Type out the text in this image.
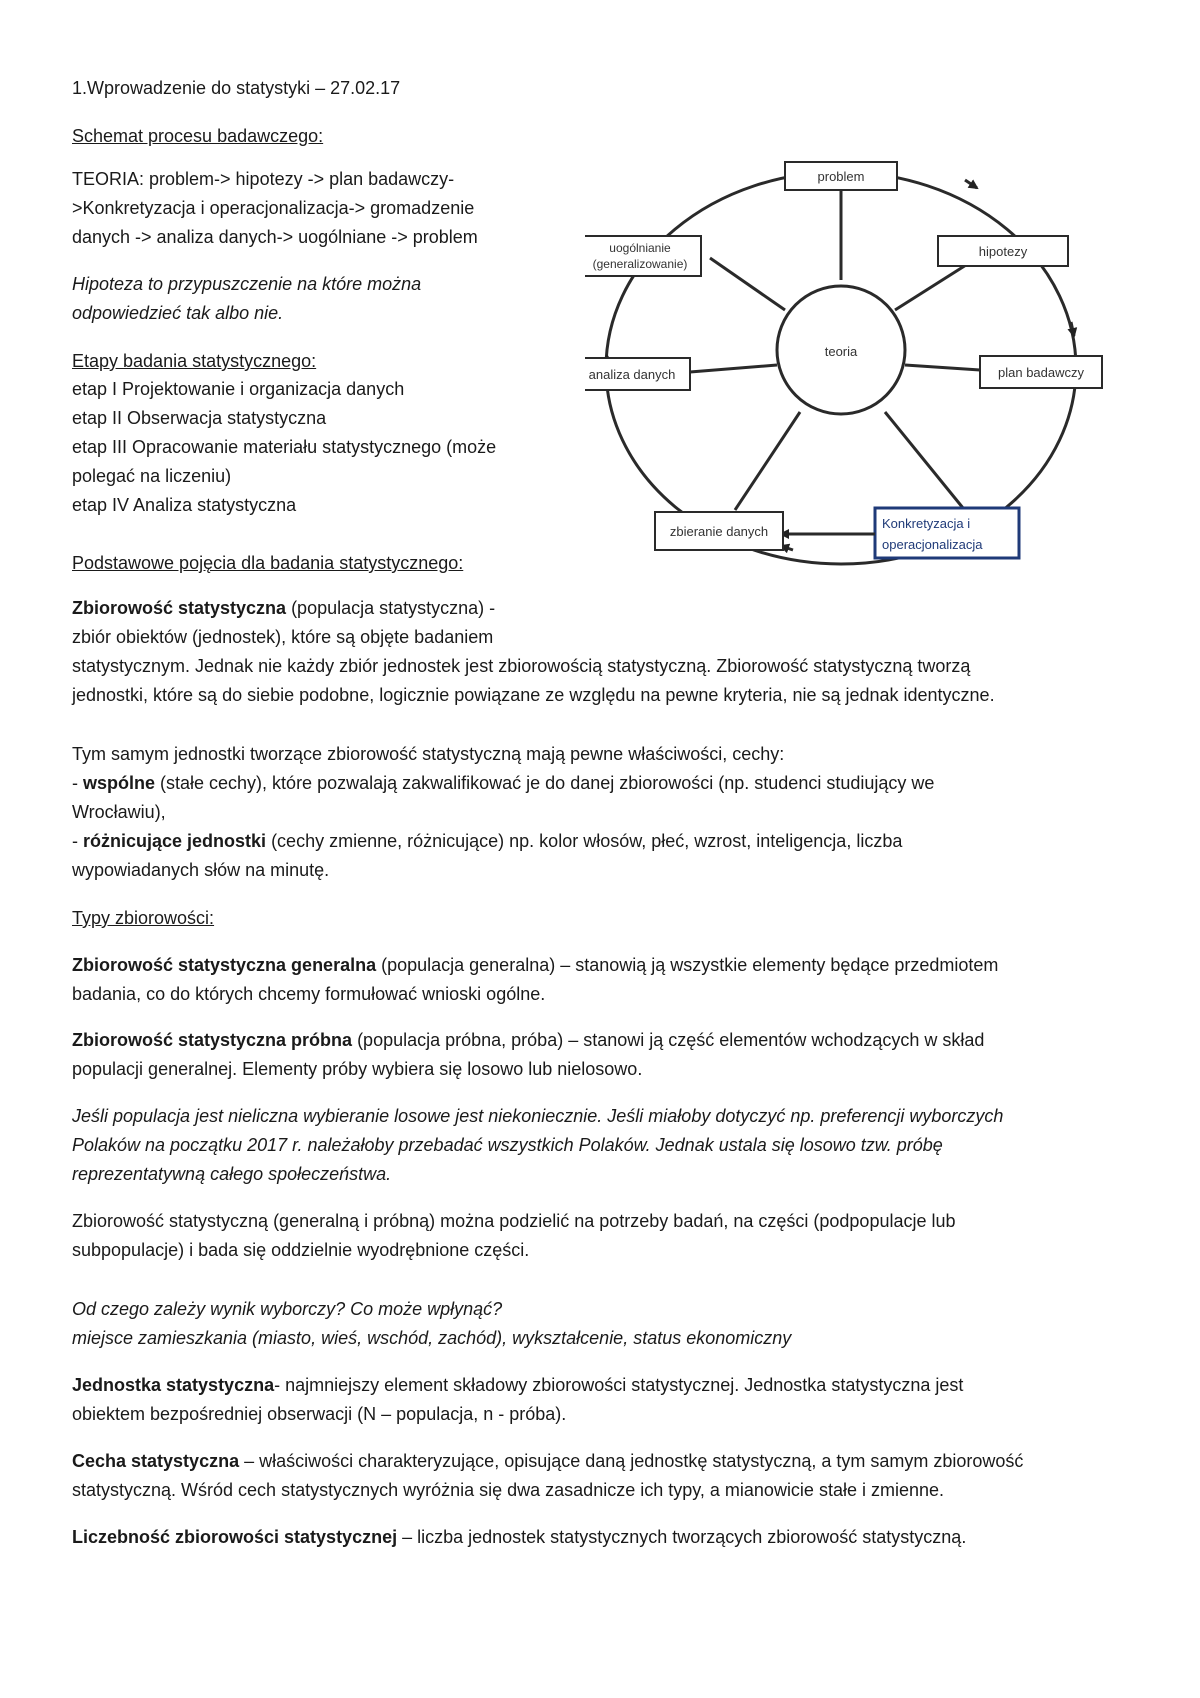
1.Wprowadzenie do statystyki – 27.02.17
Schemat procesu badawczego:
TEORIA: problem-> hipotezy -> plan badawczy-
>Konkretyzacja i operacjonalizacja-> gromadzenie
danych -> analiza danych-> uogólniane -> problem
Hipoteza to przypuszczenie na które można
odpowiedzieć tak albo nie.
Etapy badania statystycznego:
etap I Projektowanie i organizacja danych
etap II Obserwacja statystyczna
etap III Opracowanie materiału statystycznego (może
polegać na liczeniu)
etap IV Analiza statystyczna
Podstawowe pojęcia dla badania statystycznego:
Zbiorowość statystyczna (populacja statystyczna) -
zbiór obiektów (jednostek), które są objęte badaniem
statystycznym. Jednak nie każdy zbiór jednostek jest zbiorowością statystyczną. Zbiorowość statystyczną tworzą
jednostki, które są do siebie podobne, logicznie powiązane ze względu na pewne kryteria, nie są jednak identyczne.
Tym samym jednostki tworzące zbiorowość statystyczną mają pewne właściwości, cechy:
- wspólne (stałe cechy), które pozwalają zakwalifikować je do danej zbiorowości (np. studenci studiujący we
Wrocławiu),
- różnicujące jednostki (cechy zmienne, różnicujące) np. kolor włosów, płeć, wzrost, inteligencja, liczba
wypowiadanych słów na minutę.
Typy zbiorowości:
Zbiorowość statystyczna generalna (populacja generalna) – stanowią ją wszystkie elementy będące przedmiotem
badania, co do których chcemy formułować wnioski ogólne.
Zbiorowość statystyczna próbna (populacja próbna, próba) – stanowi ją część elementów wchodzących w skład
populacji generalnej. Elementy próby wybiera się losowo lub nielosowo.
Jeśli populacja jest nieliczna wybieranie losowe jest niekoniecznie. Jeśli miałoby dotyczyć np. preferencji wyborczych
Polaków na początku 2017 r. należałoby przebadać wszystkich Polaków. Jednak ustala się losowo tzw. próbę
reprezentatywną całego społeczeństwa.
Zbiorowość statystyczną (generalną i próbną) można podzielić na potrzeby badań, na części (podpopulacje lub
subpopulacje) i bada się oddzielnie wyodrębnione części.
Od czego zależy wynik wyborczy? Co może wpłynąć?
miejsce zamieszkania (miasto, wieś, wschód, zachód), wykształcenie, status ekonomiczny
Jednostka statystyczna- najmniejszy element składowy zbiorowości statystycznej. Jednostka statystyczna jest
obiektem bezpośredniej obserwacji (N – populacja, n - próba).
Cecha statystyczna – właściwości charakteryzujące, opisujące daną jednostkę statystyczną, a tym samym zbiorowość
statystyczną. Wśród cech statystycznych wyróżnia się dwa zasadnicze ich typy, a mianowicie stałe i zmienne.
Liczebność zbiorowości statystycznej – liczba jednostek statystycznych tworzących zbiorowość statystyczną.
teoria
problem
hipotezy
plan badawczy
Konkretyzacja i
operacjonalizacja
zbieranie danych
analiza danych
uogólnianie
(generalizowanie)
